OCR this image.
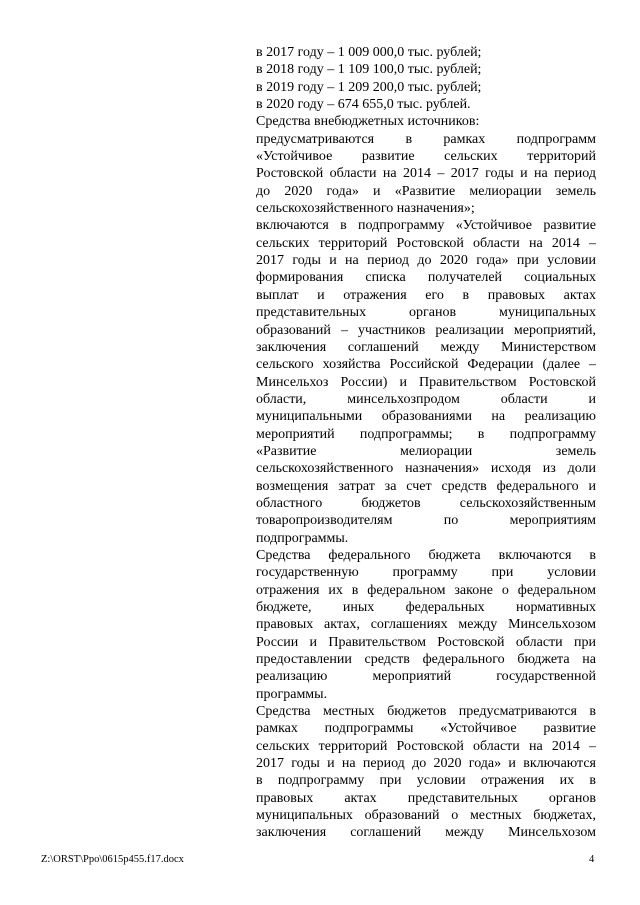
в 2017 году – 1 009 000,0 тыс. рублей;
в 2018 году – 1 109 100,0 тыс. рублей;
в 2019 году – 1 209 200,0 тыс. рублей;
в 2020 году – 674 655,0 тыс. рублей.
Средства внебюджетных источников:
предусматриваются в рамках подпрограмм
«Устойчивое развитие сельских территорий
Ростовской области на 2014 – 2017 годы и на период
до 2020 года» и «Развитие мелиорации земель
сельскохозяйственного назначения»;
включаются в подпрограмму «Устойчивое развитие
сельских территорий Ростовской области на 2014 –
2017 годы и на период до 2020 года» при условии
формирования списка получателей социальных
выплат и отражения его в правовых актах
представительных органов муниципальных
образований – участников реализации мероприятий,
заключения соглашений между Министерством
сельского хозяйства Российской Федерации (далее –
Минсельхоз России) и Правительством Ростовской
области, минсельхозпродом области и
муниципальными образованиями на реализацию
мероприятий подпрограммы; в подпрограмму
«Развитие мелиорации земель
сельскохозяйственного назначения» исходя из доли
возмещения затрат за счет средств федерального и
областного бюджетов сельскохозяйственным
товаропроизводителям по мероприятиям
подпрограммы.
Средства федерального бюджета включаются в
государственную программу при условии
отражения их в федеральном законе о федеральном
бюджете, иных федеральных нормативных
правовых актах, соглашениях между Минсельхозом
России и Правительством Ростовской области при
предоставлении средств федерального бюджета на
реализацию мероприятий государственной
программы.
Средства местных бюджетов предусматриваются в
рамках подпрограммы «Устойчивое развитие
сельских территорий Ростовской области на 2014 –
2017 годы и на период до 2020 года» и включаются
в подпрограмму при условии отражения их в
правовых актах представительных органов
муниципальных образований о местных бюджетах,
заключения соглашений между Минсельхозом
Z:\ORST\Ppo\0615p455.f17.docx	4
